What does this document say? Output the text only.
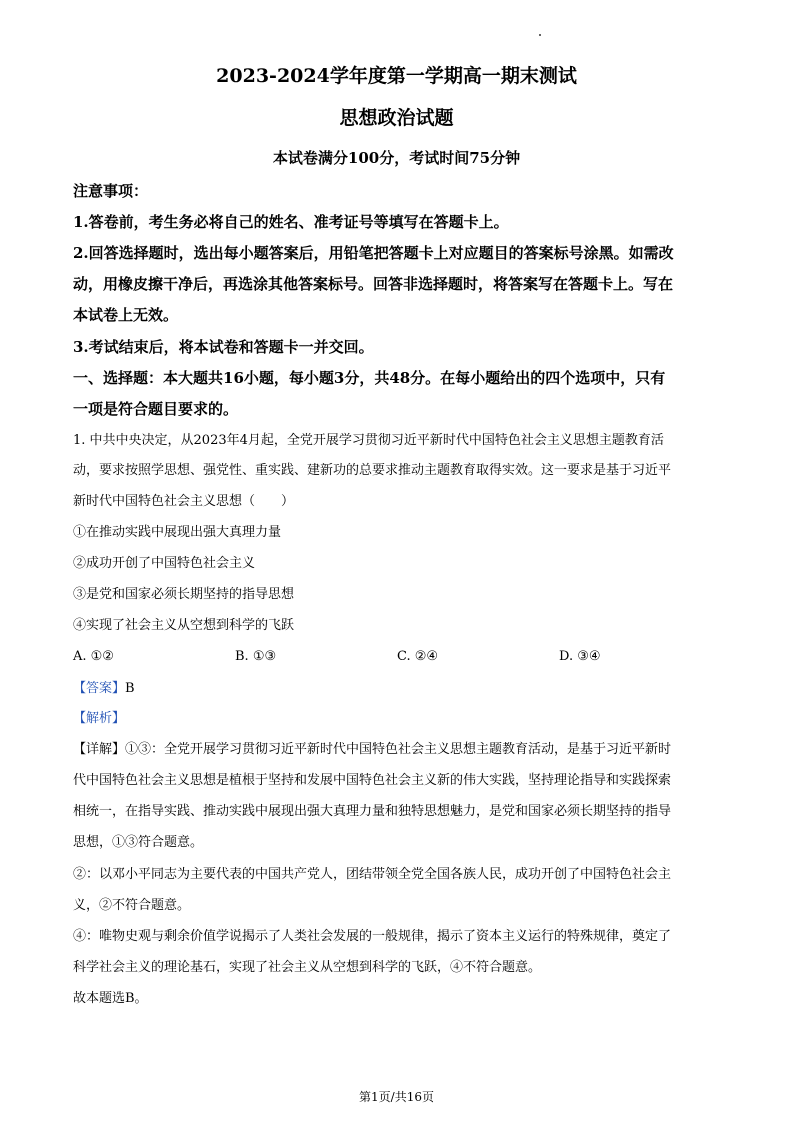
2023-2024学年度第一学期高一期末测试
思想政治试题
本试卷满分100分，考试时间75分钟
注意事项：
1.答卷前，考生务必将自己的姓名、准考证号等填写在答题卡上。
2.回答选择题时，选出每小题答案后，用铅笔把答题卡上对应题目的答案标号涂黑。如需改
动，用橡皮擦干净后，再选涂其他答案标号。回答非选择题时，将答案写在答题卡上。写在
本试卷上无效。
3.考试结束后，将本试卷和答题卡一并交回。
一、选择题：本大题共16小题，每小题3分，共48分。在每小题给出的四个选项中，只有
一项是符合题目要求的。
1. 中共中央决定，从2023年4月起，全党开展学习贯彻习近平新时代中国特色社会主义思想主题教育活
动，要求按照学思想、强党性、重实践、建新功的总要求推动主题教育取得实效。这一要求是基于习近平
新时代中国特色社会主义思想（　　）
①在推动实践中展现出强大真理力量
②成功开创了中国特色社会主义
③是党和国家必须长期坚持的指导思想
④实现了社会主义从空想到科学的飞跃
A. ①②	B. ①③	C. ②④	D. ③④
【答案】B
【解析】
【详解】①③：全党开展学习贯彻习近平新时代中国特色社会主义思想主题教育活动，是基于习近平新时
代中国特色社会主义思想是植根于坚持和发展中国特色社会主义新的伟大实践，坚持理论指导和实践探索
相统一，在指导实践、推动实践中展现出强大真理力量和独特思想魅力，是党和国家必须长期坚持的指导
思想，①③符合题意。
②：以邓小平同志为主要代表的中国共产党人，团结带领全党全国各族人民，成功开创了中国特色社会主
义，②不符合题意。
④：唯物史观与剩余价值学说揭示了人类社会发展的一般规律，揭示了资本主义运行的特殊规律，奠定了
科学社会主义的理论基石，实现了社会主义从空想到科学的飞跃，④不符合题意。
故本题选B。
第1页/共16页
